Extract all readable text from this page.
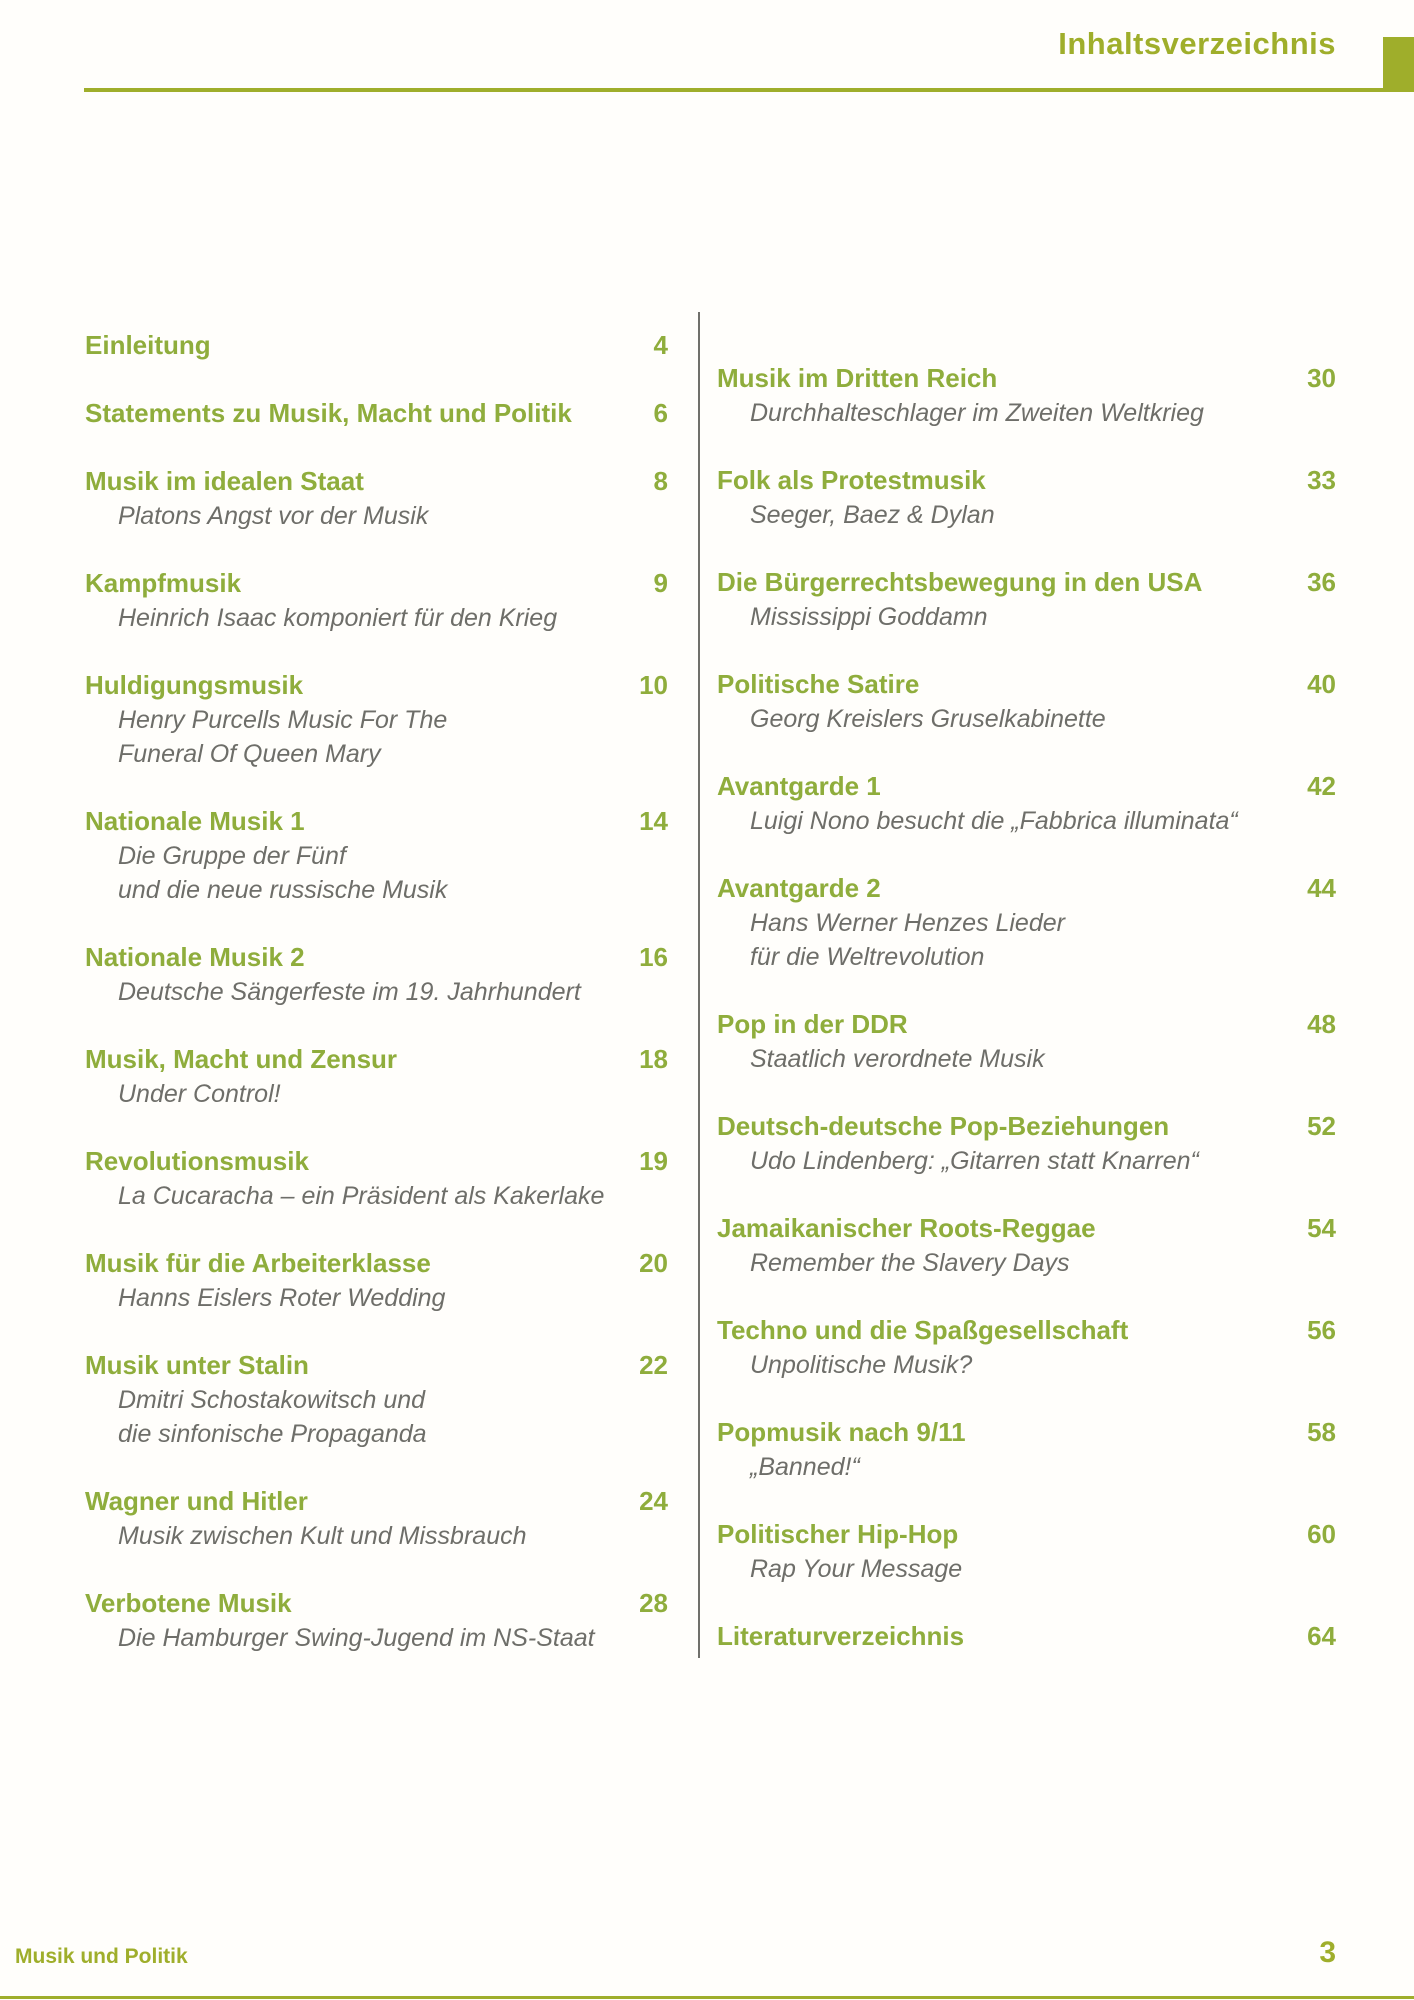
Inhaltsverzeichnis
Einleitung	4
Statements zu Musik, Macht und Politik	6
Musik im idealen Staat	8
Platons Angst vor der Musik
Kampfmusik	9
Heinrich Isaac komponiert für den Krieg
Huldigungsmusik	10
Henry Purcells Music For The
Funeral Of Queen Mary
Nationale Musik 1	14
Die Gruppe der Fünf
und die neue russische Musik
Nationale Musik 2	16
Deutsche Sängerfeste im 19. Jahrhundert
Musik, Macht und Zensur	18
Under Control!
Revolutionsmusik	19
La Cucaracha – ein Präsident als Kakerlake
Musik für die Arbeiterklasse	20
Hanns Eislers Roter Wedding
Musik unter Stalin	22
Dmitri Schostakowitsch und
die sinfonische Propaganda
Wagner und Hitler	24
Musik zwischen Kult und Missbrauch
Verbotene Musik	28
Die Hamburger Swing-Jugend im NS-Staat
Musik im Dritten Reich	30
Durchhalteschlager im Zweiten Weltkrieg
Folk als Protestmusik	33
Seeger, Baez & Dylan
Die Bürgerrechtsbewegung in den USA	36
Mississippi Goddamn
Politische Satire	40
Georg Kreislers Gruselkabinette
Avantgarde 1	42
Luigi Nono besucht die „Fabbrica illuminata“
Avantgarde 2	44
Hans Werner Henzes Lieder
für die Weltrevolution
Pop in der DDR	48
Staatlich verordnete Musik
Deutsch-deutsche Pop-Beziehungen	52
Udo Lindenberg: „Gitarren statt Knarren“
Jamaikanischer Roots-Reggae	54
Remember the Slavery Days
Techno und die Spaßgesellschaft	56
Unpolitische Musik?
Popmusik nach 9/11	58
„Banned!“
Politischer Hip-Hop	60
Rap Your Message
Literaturverzeichnis	64
Musik und Politik	3
